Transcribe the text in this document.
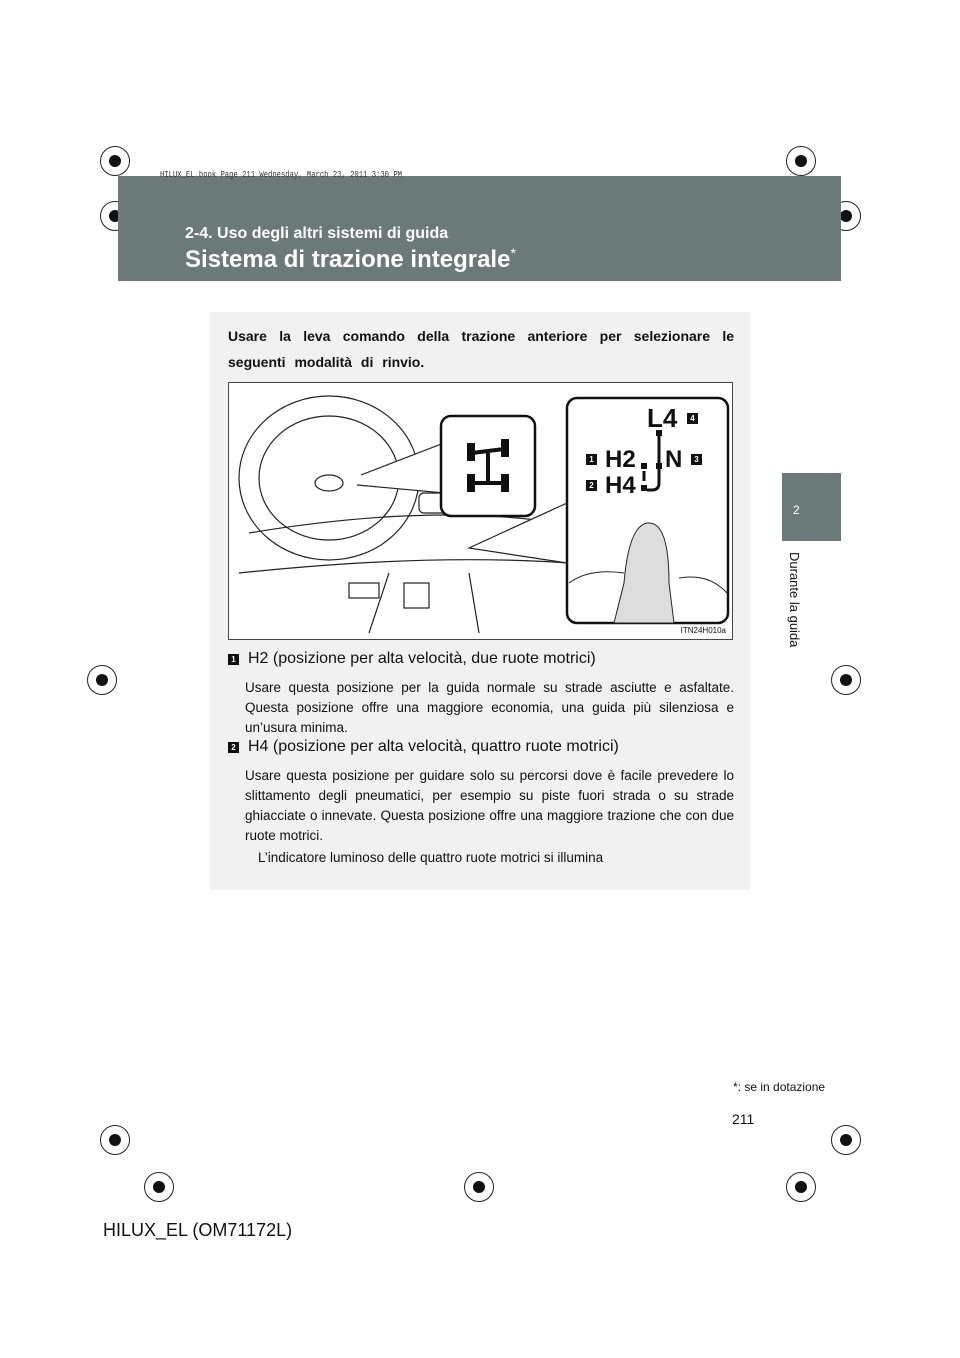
HILUX_EL.book Page 211 Wednesday, March 23, 2011 3:30 PM
2-4. Uso degli altri sistemi di guida
Sistema di trazione integrale*
2
Durante la guida
Usare la leva comando della trazione anteriore per selezionare le seguenti modalità di rinvio.
L4	4
1 H2 N	3
2 H4
ITN24H010a
1 H2 (posizione per alta velocità, due ruote motrici)

Usare questa posizione per la guida normale su strade asciutte e asfaltate. Questa posizione offre una maggiore economia, una guida più silenziosa e un’usura minima.

2 H4 (posizione per alta velocità, quattro ruote motrici)

Usare questa posizione per guidare solo su percorsi dove è facile prevedere lo slittamento degli pneumatici, per esempio su piste fuori strada o su strade ghiacciate o innevate. Questa posizione offre una maggiore trazione che con due ruote motrici.

L’indicatore luminoso delle quattro ruote motrici si illumina
*: se in dotazione
211
HILUX_EL (OM71172L)
